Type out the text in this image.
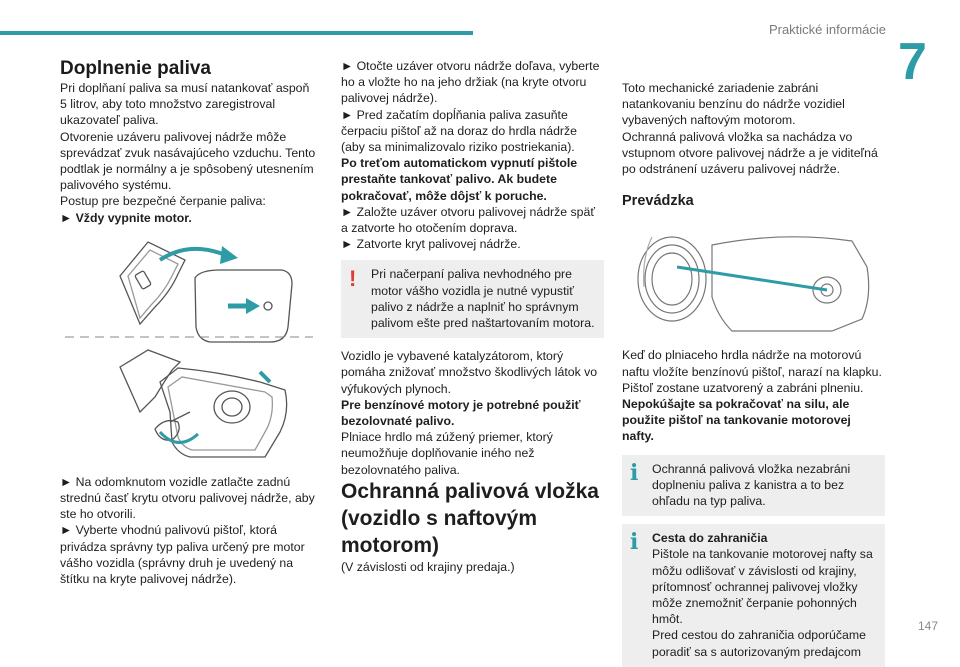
Praktické informácie
7
147

Doplnenie paliva

Pri doplňaní paliva sa musí natankovať aspoň 5 litrov, aby toto množstvo zaregistroval ukazovateľ paliva.

Otvorenie uzáveru palivovej nádrže môže sprevádzať zvuk nasávajúceho vzduchu. Tento podtlak je normálny a je spôsobený utesnením palivového systému.

Postup pre bezpečné čerpanie paliva:

► Vždy vypnite motor.

► Na odomknutom vozidle zatlačte zadnú strednú časť krytu otvoru palivovej nádrže, aby ste ho otvorili.

► Vyberte vhodnú palivovú pištoľ, ktorá privádza správny typ paliva určený pre motor vášho vozidla (správny druh je uvedený na štítku na kryte palivovej nádrže).

► Otočte uzáver otvoru nádrže doľava, vyberte ho a vložte ho na jeho držiak (na kryte otvoru palivovej nádrže).

► Pred začatím dopĺňania paliva zasuňte čerpaciu pištoľ až na doraz do hrdla nádrže (aby sa minimalizovalo riziko postriekania).

Po treťom automatickom vypnutí pištole prestaňte tankovať palivo. Ak budete pokračovať, môže dôjsť k poruche.

► Založte uzáver otvoru palivovej nádrže späť a zatvorte ho otočením doprava.

► Zatvorte kryt palivovej nádrže.

!	Pri načerpaní paliva nevhodného pre motor vášho vozidla je nutné vypustiť palivo z nádrže a naplniť ho správnym palivom ešte pred naštartovaním motora.

Vozidlo je vybavené katalyzátorom, ktorý pomáha znižovať množstvo škodlivých látok vo výfukových plynoch.

Pre benzínové motory je potrebné použiť bezolovnaté palivo.

Plniace hrdlo má zúžený priemer, ktorý neumožňuje doplňovanie iného než bezolovnatého paliva.

Ochranná palivová vložka (vozidlo s naftovým motorom)

(V závislosti od krajiny predaja.)

Toto mechanické zariadenie zabráni natankovaniu benzínu do nádrže vozidiel vybavených naftovým motorom.

Ochranná palivová vložka sa nachádza vo vstupnom otvore palivovej nádrže a je viditeľná po odstránení uzáveru palivovej nádrže.

Prevádzka

Keď do plniaceho hrdla nádrže na motorovú naftu vložíte benzínovú pištoľ, narazí na klapku. Pištoľ zostane uzatvorený a zabráni plneniu.

Nepokúšajte sa pokračovať na silu, ale použite pištoľ na tankovanie motorovej nafty.

i	Ochranná palivová vložka nezabráni doplneniu paliva z kanistra a to bez ohľadu na typ paliva.
i	Cesta do zahraničia
Pištole na tankovanie motorovej nafty sa môžu odlišovať v závislosti od krajiny, prítomnosť ochrannej palivovej vložky môže znemožniť čerpanie pohonných hmôt.
Pred cestou do zahraničia odporúčame poradiť sa s autorizovaným predajcom
